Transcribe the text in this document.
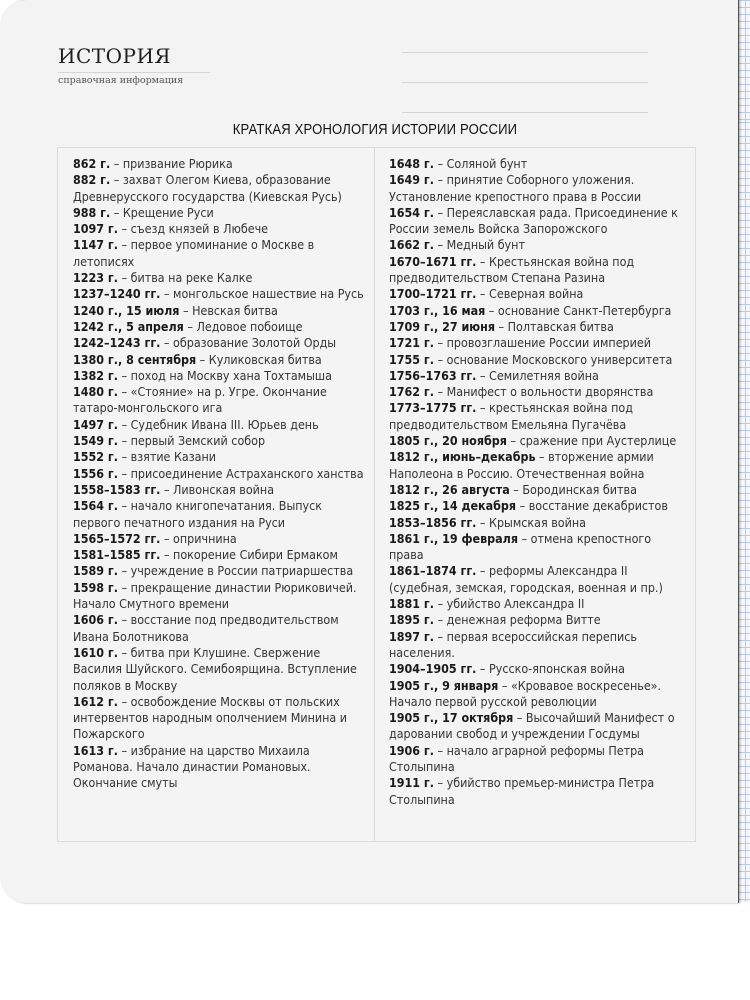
ИСТОРИЯ
справочная информация
КРАТКАЯ ХРОНОЛОГИЯ ИСТОРИИ РОССИИ
862 г. – призвание Рюрика
882 г. – захват Олегом Киева, образование Древнерусского государства (Киевская Русь)
988 г. – Крещение Руси
1097 г. – съезд князей в Любече
1147 г. – первое упоминание о Москве в летописях
1223 г. – битва на реке Калке
1237–1240 гг. – монгольское нашествие на Русь
1240 г., 15 июля – Невская битва
1242 г., 5 апреля – Ледовое побоище
1242–1243 гг. – образование Золотой Орды
1380 г., 8 сентября – Куликовская битва
1382 г. – поход на Москву хана Тохтамыша
1480 г. – «Стояние» на р. Угре. Окончание татаро-монгольского ига
1497 г. – Судебник Ивана III. Юрьев день
1549 г. – первый Земский собор
1552 г. – взятие Казани
1556 г. – присоединение Астраханского ханства
1558–1583 гг. – Ливонская война
1564 г. – начало книгопечатания. Выпуск первого печатного издания на Руси
1565–1572 гг. – опричнина
1581–1585 гг. – покорение Сибири Ермаком
1589 г. – учреждение в России патриаршества
1598 г. – прекращение династии Рюриковичей. Начало Смутного времени
1606 г. – восстание под предводительством Ивана Болотникова
1610 г. – битва при Клушине. Свержение Василия Шуйского. Семибоярщина. Вступление поляков в Москву
1612 г. – освобождение Москвы от польских интервентов народным ополчением Минина и Пожарского
1613 г. – избрание на царство Михаила Романова. Начало династии Романовых. Окончание смуты
1648 г. – Соляной бунт
1649 г. – принятие Соборного уложения. Установление крепостного права в России
1654 г. – Переяславская рада. Присоединение к России земель Войска Запорожского
1662 г. – Медный бунт
1670–1671 гг. – Крестьянская война под предводительством Степана Разина
1700–1721 гг. – Северная война
1703 г., 16 мая – основание Санкт-Петербурга
1709 г., 27 июня – Полтавская битва
1721 г. – провозглашение России империей
1755 г. – основание Московского университета
1756–1763 гг. – Семилетняя война
1762 г. – Манифест о вольности дворянства
1773–1775 гг. – крестьянская война под предводительством Емельяна Пугачёва
1805 г., 20 ноября – сражение при Аустерлице
1812 г., июнь–декабрь – вторжение армии Наполеона в Россию. Отечественная война
1812 г., 26 августа – Бородинская битва
1825 г., 14 декабря – восстание декабристов
1853–1856 гг. – Крымская война
1861 г., 19 февраля – отмена крепостного права
1861–1874 гг. – реформы Александра II (судебная, земская, городская, военная и пр.)
1881 г. – убийство Александра II
1895 г. – денежная реформа Витте
1897 г. – первая всероссийская перепись населения.
1904–1905 гг. – Русско-японская война
1905 г., 9 января – «Кровавое воскресенье». Начало первой русской революции
1905 г., 17 октября – Высочайший Манифест о даровании свобод и учреждении Госдумы
1906 г. – начало аграрной реформы Петра Столыпина
1911 г. – убийство премьер-министра Петра Столыпина
